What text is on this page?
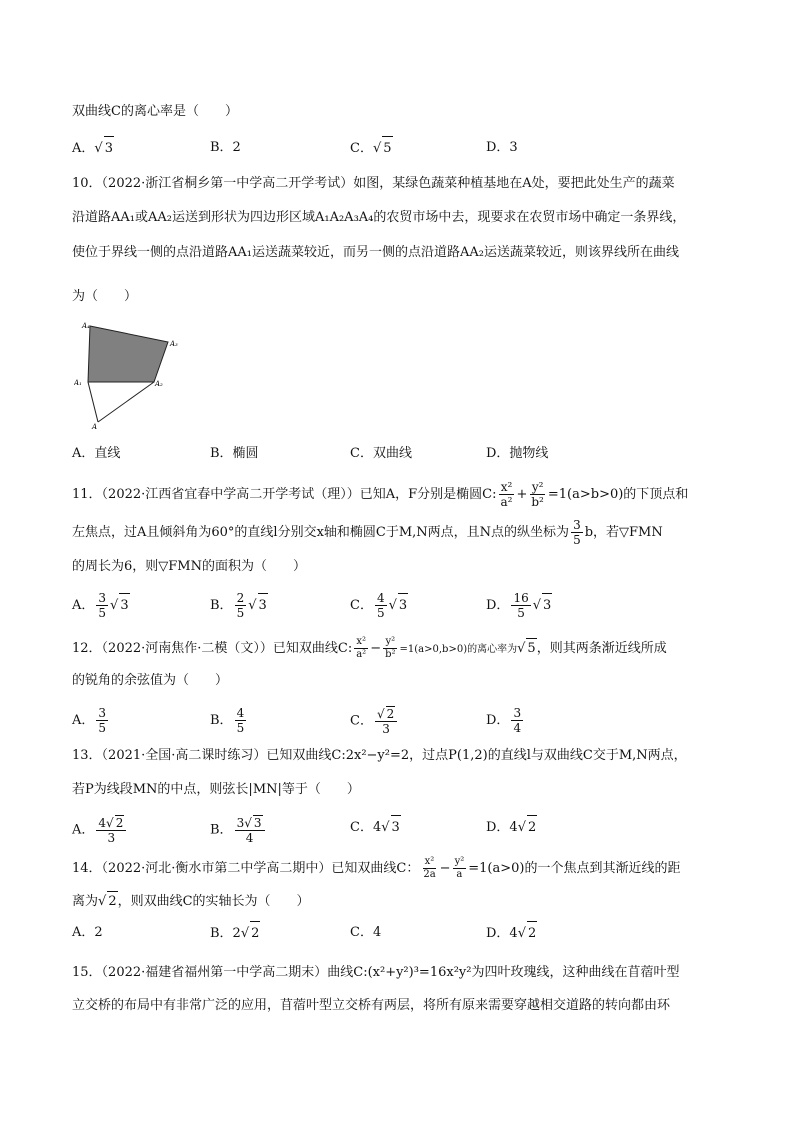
双曲线C的离心率是（　　）
A．√ 3	B．2	C．√ 5	D．3
10．（2022·浙江省桐乡第一中学高二开学考试）如图，某绿色蔬菜种植基地在A处，要把此处生产的蔬菜
沿道路AA₁或AA₂运送到形状为四边形区域A₁A₂A₃A₄的农贸市场中去，现要求在农贸市场中确定一条界线，
使位于界线一侧的点沿道路AA₁运送蔬菜较近，而另一侧的点沿道路AA₂运送蔬菜较近，则该界线所在曲线
为（　　）
A₄
A₃
A₁	A₂
A
A．直线	B．椭圆	C．双曲线	D．抛物线
11．（2022·江西省宜春中学高二开学考试（理））已知A，F分别是椭圆C: $\frac{\text{x²}}{\text{a²}} + \frac{\text{y²}}{\text{b²}} =1(a>b>0)$的下顶点和
左焦点，过A且倾斜角为60°的直线l分别交x轴和椭圆C于M,N两点，且N点的纵坐标为 $\frac{3}{5}$ b，若▽FMN
的周长为6，则▽FMN的面积为（　　）
A． $\frac{3}{5}$ √ 3	B． $\frac{2}{5}$ √ 3	C． $\frac{4}{5}$ √ 3	D． $\frac{16}{5}$ √ 3
12．（2022·河南焦作·二模（文））已知双曲线C: $\frac{\text{x²}}{\text{a²}} - \frac{\text{y²}}{\text{b²}} =1(a>0,b>0)$的离心率为√ 5，则其两条渐近线所成
的锐角的余弦值为（　　）
A． $\frac{3}{5}$	B． $\frac{4}{5}$	C． $\frac{√ 2}{3}$	D． $\frac{3}{4}$
13．（2021·全国·高二课时练习）已知双曲线C:2x²−y²=2，过点P(1,2)的直线l与双曲线C交于M,N两点，
若P为线段MN的中点，则弦长|MN|等于（　　）
A． $\frac{4√ 2}{3}$	B． $\frac{3√ 3}{4}$	C．4√ 3	D．4√ 2
14．（2022·河北·衡水市第二中学高二期中）已知双曲线C： $\frac{\text{x²}}{2a} - \frac{\text{y²}}{a} =1(a>0)$的一个焦点到其渐近线的距
离为√ 2，则双曲线C的实轴长为（　　）
A．2	B．2√ 2	C．4	D．4√ 2
15．（2022·福建省福州第一中学高二期末）曲线C:(x²+y²)³=16x²y²为四叶玫瑰线，这种曲线在苜蓿叶型
立交桥的布局中有非常广泛的应用，苜蓿叶型立交桥有两层，将所有原来需要穿越相交道路的转向都由环
